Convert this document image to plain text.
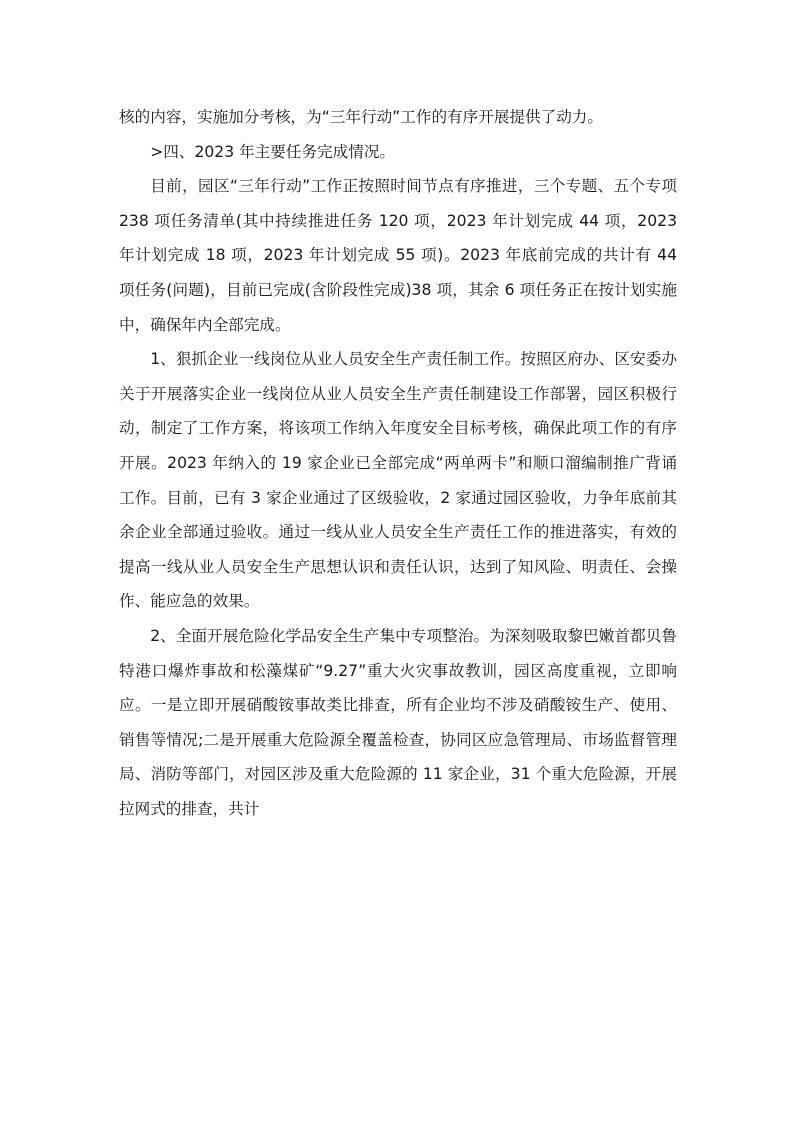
核的内容，实施加分考核，为“三年行动”工作的有序开展提供了动力。

>四、2023 年主要任务完成情况。

目前，园区“三年行动”工作正按照时间节点有序推进，三个专题、五个专项 238 项任务清单(其中持续推进任务 120 项，2023 年计划完成 44 项，2023 年计划完成 18 项，2023 年计划完成 55 项)。2023 年底前完成的共计有 44 项任务(问题)，目前已完成(含阶段性完成)38 项，其余 6 项任务正在按计划实施中，确保年内全部完成。

1、狠抓企业一线岗位从业人员安全生产责任制工作。按照区府办、区安委办关于开展落实企业一线岗位从业人员安全生产责任制建设工作部署，园区积极行动，制定了工作方案，将该项工作纳入年度安全目标考核，确保此项工作的有序开展。2023 年纳入的 19 家企业已全部完成“两单两卡”和顺口溜编制推广背诵工作。目前，已有 3 家企业通过了区级验收，2 家通过园区验收，力争年底前其余企业全部通过验收。通过一线从业人员安全生产责任工作的推进落实，有效的提高一线从业人员安全生产思想认识和责任认识，达到了知风险、明责任、会操作、能应急的效果。

2、全面开展危险化学品安全生产集中专项整治。为深刻吸取黎巴嫩首都贝鲁特港口爆炸事故和松藻煤矿“9.27”重大火灾事故教训，园区高度重视，立即响应。一是立即开展硝酸铵事故类比排查，所有企业均不涉及硝酸铵生产、使用、销售等情况;二是开展重大危险源全覆盖检查，协同区应急管理局、市场监督管理局、消防等部门，对园区涉及重大危险源的 11 家企业，31 个重大危险源，开展拉网式的排查，共计
